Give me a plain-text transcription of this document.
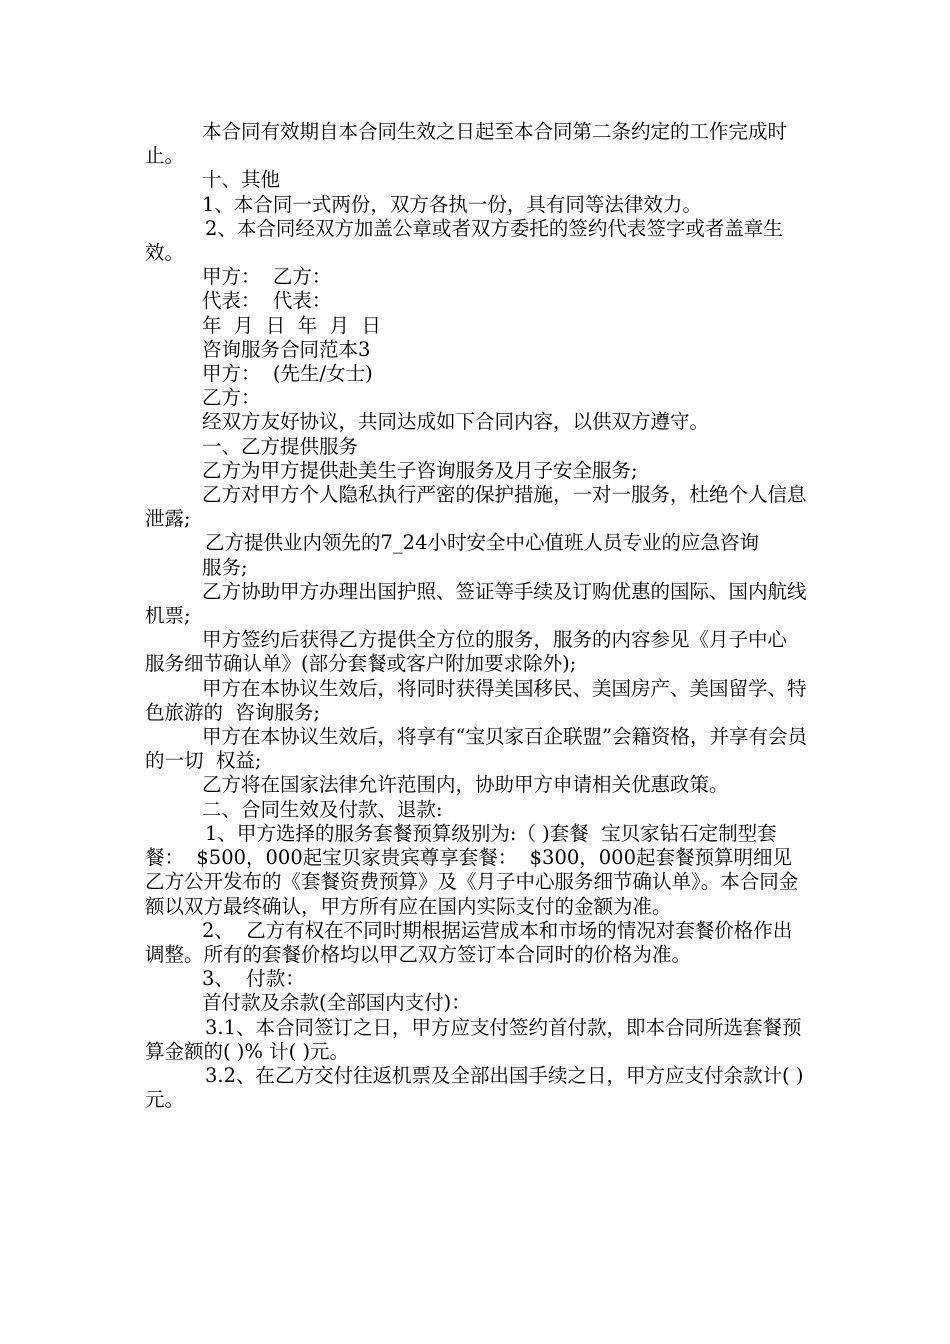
本合同有效期自本合同生效之日起至本合同第二条约定的工作完成时止。

十、其他

1、本合同一式两份，双方各执一份，具有同等法律效力。

2、本合同经双方加盖公章或者双方委托的签约代表签字或者盖章生效。

甲方：  乙方：

代表：  代表：

年  月  日  年  月  日

咨询服务合同范本3

甲方：  (先生/女士)

乙方：

经双方友好协议，共同达成如下合同内容，以供双方遵守。

一、乙方提供服务

乙方为甲方提供赴美生子咨询服务及月子安全服务;

乙方对甲方个人隐私执行严密的保护措施，一对一服务，杜绝个人信息泄露;

乙方提供业内领先的7_24小时安全中心值班人员专业的应急咨询

服务;

乙方协助甲方办理出国护照、签证等手续及订购优惠的国际、国内航线机票;

甲方签约后获得乙方提供全方位的服务，服务的内容参见《月子中心  服务细节确认单》(部分套餐或客户附加要求除外);

甲方在本协议生效后，将同时获得美国移民、美国房产、美国留学、特色旅游的  咨询服务;

甲方在本协议生效后，将享有“宝贝家百企联盟”会籍资格，并享有会员的一切  权益;

乙方将在国家法律允许范围内，协助甲方申请相关优惠政策。

二、合同生效及付款、退款:

1、甲方选择的服务套餐预算级别为:（ )套餐  宝贝家钻石定制型套餐：  $500，000起宝贝家贵宾尊享套餐：  $300，000起套餐预算明细见乙方公开发布的《套餐资费预算》及《月子中心服务细节确认单》。本合同金额以双方最终确认，甲方所有应在国内实际支付的金额为准。

2、  乙方有权在不同时期根据运营成本和市场的情况对套餐价格作出调整。所有的套餐价格均以甲乙双方签订本合同时的价格为准。

3、  付款：

首付款及余款(全部国内支付)：

3.1、本合同签订之日，甲方应支付签约首付款，即本合同所选套餐预算金额的( )% 计( )元。

3.2、在乙方交付往返机票及全部出国手续之日，甲方应支付余款计( )元。
